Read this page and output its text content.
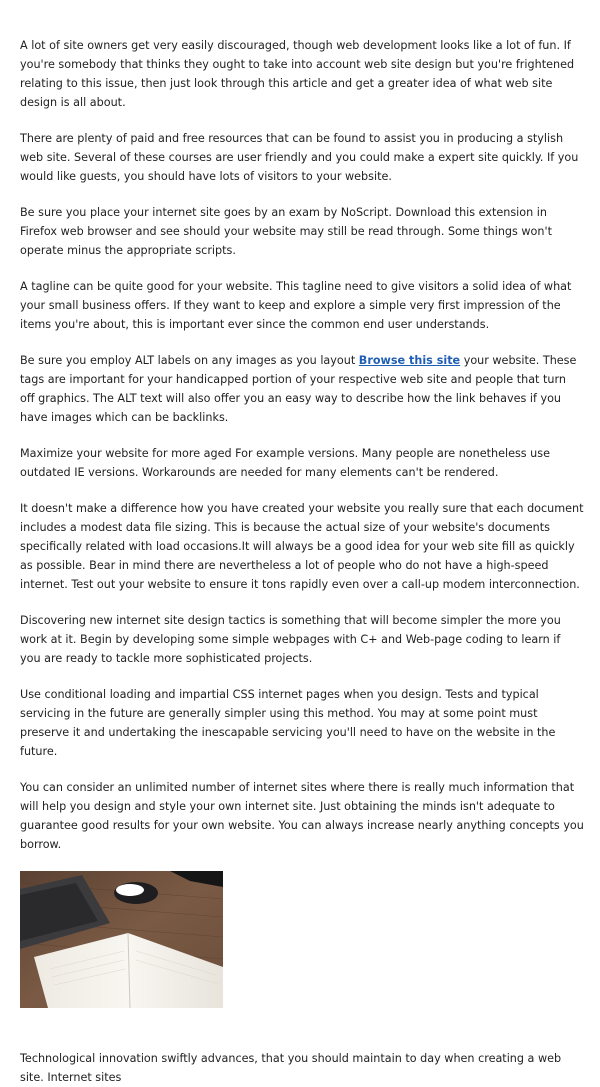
A lot of site owners get very easily discouraged, though web development looks like a lot of fun. If you're somebody that thinks they ought to take into account web site design but you're frightened relating to this issue, then just look through this article and get a greater idea of what web site design is all about.

There are plenty of paid and free resources that can be found to assist you in producing a stylish web site. Several of these courses are user friendly and you could make a expert site quickly. If you would like guests, you should have lots of visitors to your website.

Be sure you place your internet site goes by an exam by NoScript. Download this extension in Firefox web browser and see should your website may still be read through. Some things won't operate minus the appropriate scripts.

A tagline can be quite good for your website. This tagline need to give visitors a solid idea of what your small business offers. If they want to keep and explore a simple very first impression of the items you're about, this is important ever since the common end user understands.

Be sure you employ ALT labels on any images as you layout Browse this site your website. These tags are important for your handicapped portion of your respective web site and people that turn off graphics. The ALT text will also offer you an easy way to describe how the link behaves if you have images which can be backlinks.

Maximize your website for more aged For example versions. Many people are nonetheless use outdated IE versions. Workarounds are needed for many elements can't be rendered.

It doesn't make a difference how you have created your website you really sure that each document includes a modest data file sizing. This is because the actual size of your website's documents specifically related with load occasions.It will always be a good idea for your web site fill as quickly as possible. Bear in mind there are nevertheless a lot of people who do not have a high-speed internet. Test out your website to ensure it tons rapidly even over a call-up modem interconnection.

Discovering new internet site design tactics is something that will become simpler the more you work at it. Begin by developing some simple webpages with C+ and Web-page coding to learn if you are ready to tackle more sophisticated projects.

Use conditional loading and impartial CSS internet pages when you design. Tests and typical servicing in the future are generally simpler using this method. You may at some point must preserve it and undertaking the inescapable servicing you'll need to have on the website in the future.

You can consider an unlimited number of internet sites where there is really much information that will help you design and style your own internet site. Just obtaining the minds isn't adequate to guarantee good results for your own website. You can always increase nearly anything concepts you borrow.

Technological innovation swiftly advances, that you should maintain to day when creating a web site. Internet sites
